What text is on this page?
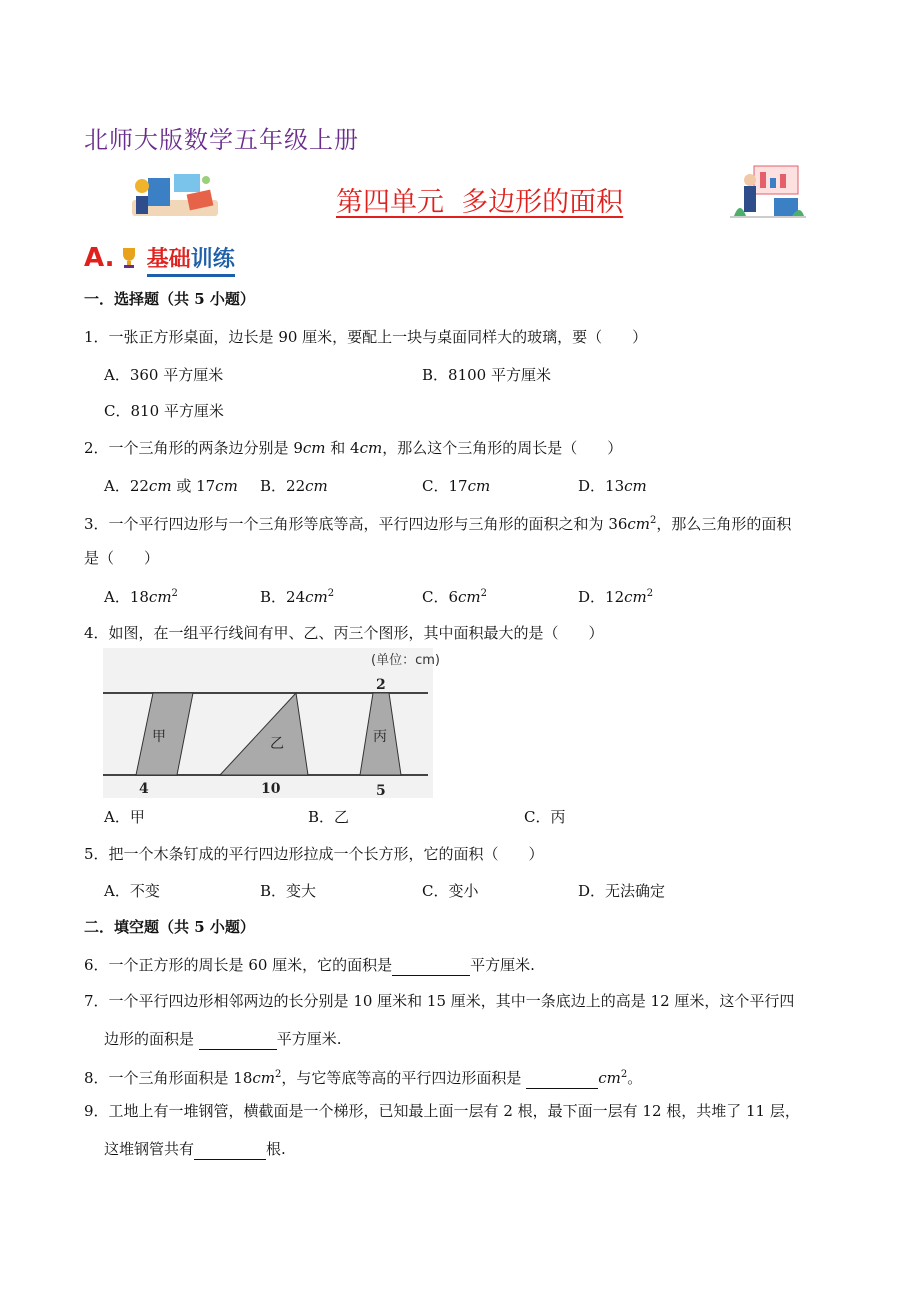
北师大版数学五年级上册
第四单元  多边形的面积
A. 基础训练
一．选择题（共 5 小题）
1．一张正方形桌面，边长是 90 厘米，要配上一块与桌面同样大的玻璃，要（　　）
A．360 平方厘米	B．8100 平方厘米
C．810 平方厘米
2．一个三角形的两条边分别是 9cm 和 4cm，那么这个三角形的周长是（　　）
A．22cm 或 17cm B．22cm	C．17cm	D．13cm
3．一个平行四边形与一个三角形等底等高，平行四边形与三角形的面积之和为 $36cm^2$，那么三角形的面积
是（　　）
A．$18cm^2$	B．$24cm^2$	C．$6cm^2$	D．$12cm^2$
4．如图，在一组平行线间有甲、乙、丙三个图形，其中面积最大的是（　　）
(单位：cm)
甲	乙	丙
2
4	10	5
A．甲	B．乙	C．丙
5．把一个木条钉成的平行四边形拉成一个长方形，它的面积（　　）
A．不变	B．变大	C．变小	D．无法确定
二．填空题（共 5 小题）
6．一个正方形的周长是 60 厘米，它的面积是	平方厘米.
7．一个平行四边形相邻两边的长分别是 10 厘米和 15 厘米，其中一条底边上的高是 12 厘米，这个平行四
边形的面积是	平方厘米.
8．一个三角形面积是 $18cm^2$，与它等底等高的平行四边形面积是	$cm^2$。
9．工地上有一堆钢管，横截面是一个梯形，已知最上面一层有 2 根，最下面一层有 12 根，共堆了 11 层，
这堆钢管共有	根.
